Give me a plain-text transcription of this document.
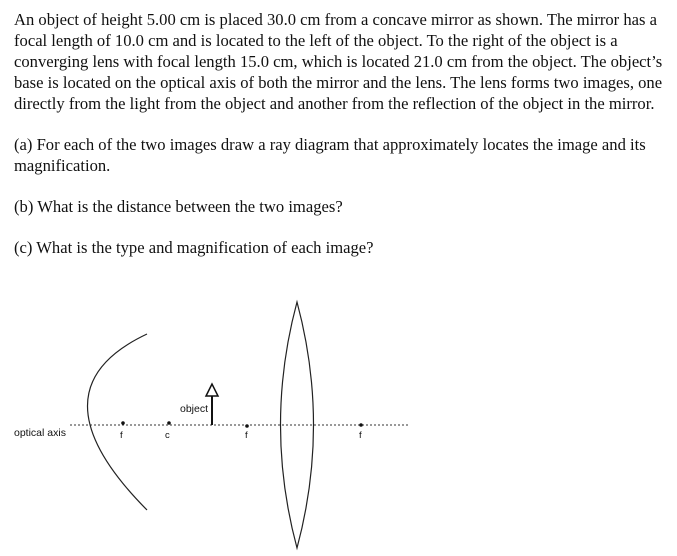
An object of height 5.00 cm is placed 30.0 cm from a concave mirror as shown. The mirror has a focal length of 10.0 cm and is located to the left of the object. To the right of the object is a converging lens with focal length 15.0 cm, which is located 21.0 cm from the object. The object’s base is located on the optical axis of both the mirror and the lens. The lens forms two images, one directly from the light from the object and another from the reflection of the object in the mirror.

(a) For each of the two images draw a ray diagram that approximately locates the image and its magnification.

(b) What is the distance between the two images?

(c) What is the type and magnification of each image?

optical axis
object
f	c	f	f
